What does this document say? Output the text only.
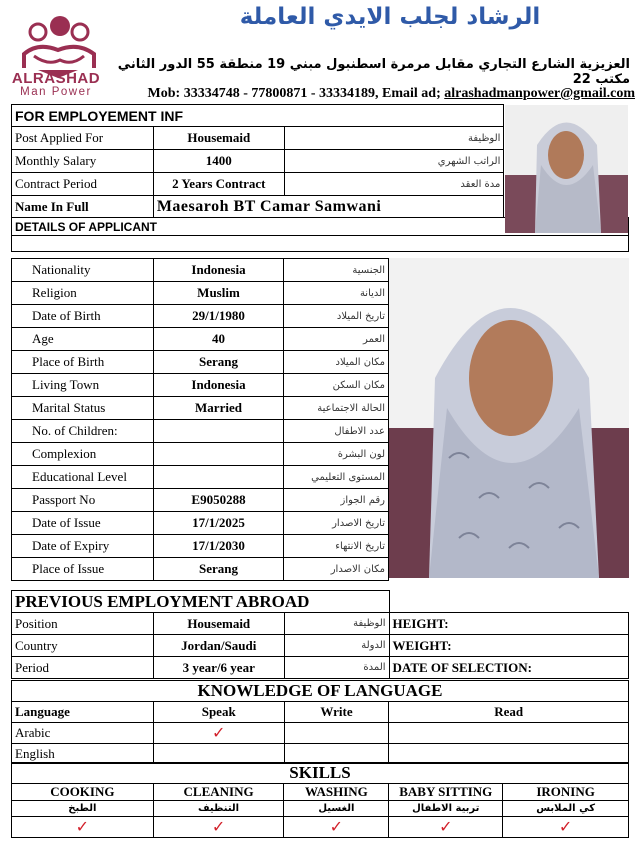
ALRASHAD
Man Power
الرشاد لجلب الايدي العاملة
العزيزية الشارع التجاري مقابل مرمرة اسطنبول مبني 19 منطقة 55 الدور الثاني مكتب 22
Mob: 33334748 - 77800871 - 33334189, Email ad; alrashadmanpower@gmail.com
FOR EMPLOYEMENT INF			
Post Applied For	Housemaid	الوظيفة	
Monthly Salary	1400	الراتب الشهري	
Contract Period	2 Years Contract	مدة العقد	
Name In Full	Maesaroh BT Camar Samwani		
DETAILS OF APPLICANT			

Nationality	Indonesia	الجنسية
Religion	Muslim	الديانة
Date of Birth	29/1/1980	تاريخ الميلاد
Age	40	العمر
Place of Birth	Serang	مكان الميلاد
Living Town	Indonesia	مكان السكن
Marital Status	Married	الحالة الاجتماعية
No. of Children:		عدد الاطفال
Complexion		لون البشرة
Educational Level		المستوى التعليمي
Passport No	E9050288	رقم الجواز
Date of Issue	17/1/2025	تاريخ الاصدار
Date of Expiry	17/1/2030	تاريخ الانتهاء
Place of Issue	Serang	مكان الاصدار
PREVIOUS EMPLOYMENT ABROAD			
Position	Housemaid	الوظيفة	HEIGHT:
Country	Jordan/Saudi	الدولة	WEIGHT:
Period	3 year/6 year	المدة	DATE OF SELECTION:
KNOWLEDGE OF LANGUAGE			
Language	Speak	Write	Read
Arabic	✓		
English			
SKILLS				
COOKING	CLEANING	WASHING	BABY SITTING	IRONING
الطبخ	التنظيف	الغسيل	تربية الاطفال	كي الملابس
✓	✓	✓	✓	✓
